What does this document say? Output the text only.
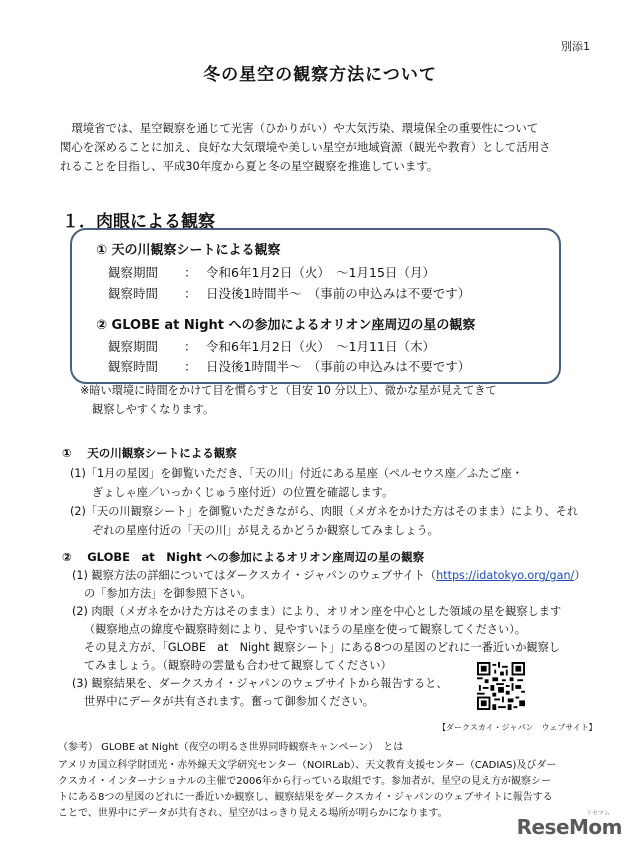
別添1
冬の星空の観察方法について

　環境省では、星空観察を通じて光害（ひかりがい）や大気汚染、環境保全の重要性について

関心を深めることに加え、良好な大気環境や美しい星空が地域資源（観光や教育）として活用さ

れることを目指し、平成30年度から夏と冬の星空観察を推進しています。

１．肉眼による観察
① 天の川観察シートによる観察
観察期間 ： 令和6年1月2日（火）　～1月15日（月）
観察時間 ： 日没後1時間半～　（事前の申込みは不要です）
② GLOBE at Night への参加によるオリオン座周辺の星の観察
観察期間 ： 令和6年1月2日（火）　～1月11日（木）
観察時間 ： 日没後1時間半～　（事前の申込みは不要です）
※暗い環境に時間をかけて目を慣らすと（目安 10 分以上）、微かな星が見えてきて
観察しやすくなります。
①　 天の川観察シートによる観察
(1)「1月の星図」を御覧いただき、「天の川」付近にある星座（ペルセウス座／ふたご座・
ぎょしゃ座／いっかくじゅう座付近）の位置を確認します。
(2)「天の川観察シート」を御覧いただきながら、肉眼（メガネをかけた方はそのまま）により、それ
ぞれの星座付近の「天の川」が見えるかどうか観察してみましょう。
②　 GLOBE　at　Night への参加によるオリオン座周辺の星の観察
(1) 観察方法の詳細についてはダークスカイ・ジャパンのウェブサイト（https://idatokyo.org/gan/）
の「参加方法」を御参照下さい。
(2) 肉眼（メガネをかけた方はそのまま）により、オリオン座を中心とした領域の星を観察します
（観察地点の緯度や観察時刻により、見やすいほうの星座を使って観察してください）。
その見え方が、「GLOBE　at　Night 観察シート」にある8つの星図のどれに一番近いか観察し
てみましょう。（観察時の雲量も合わせて観察してください）
(3) 観察結果を、ダークスカイ・ジャパンのウェブサイトから報告すると、
世界中にデータが共有されます。奮って御参加ください。
【ダークスカイ・ジャパン　ウェブサイト】
（参考） GLOBE at Night（夜空の明るさ世界同時観察キャンペーン）　とは
アメリカ国立科学財団光・赤外線天文学研究センター（NOIRLab）、天文教育支援センター（CADIAS)及びダー
クスカイ・インターナショナルの主催で2006年から行っている取組です。参加者が、星空の見え方が観察シー
トにある8つの星図のどれに一番近いか観察し、観察結果をダークスカイ・ジャパンのウェブサイトに報告する
ことで、世界中にデータが共有され、星空がはっきり見える場所が明らかになります。	リセマム
ReseMom
